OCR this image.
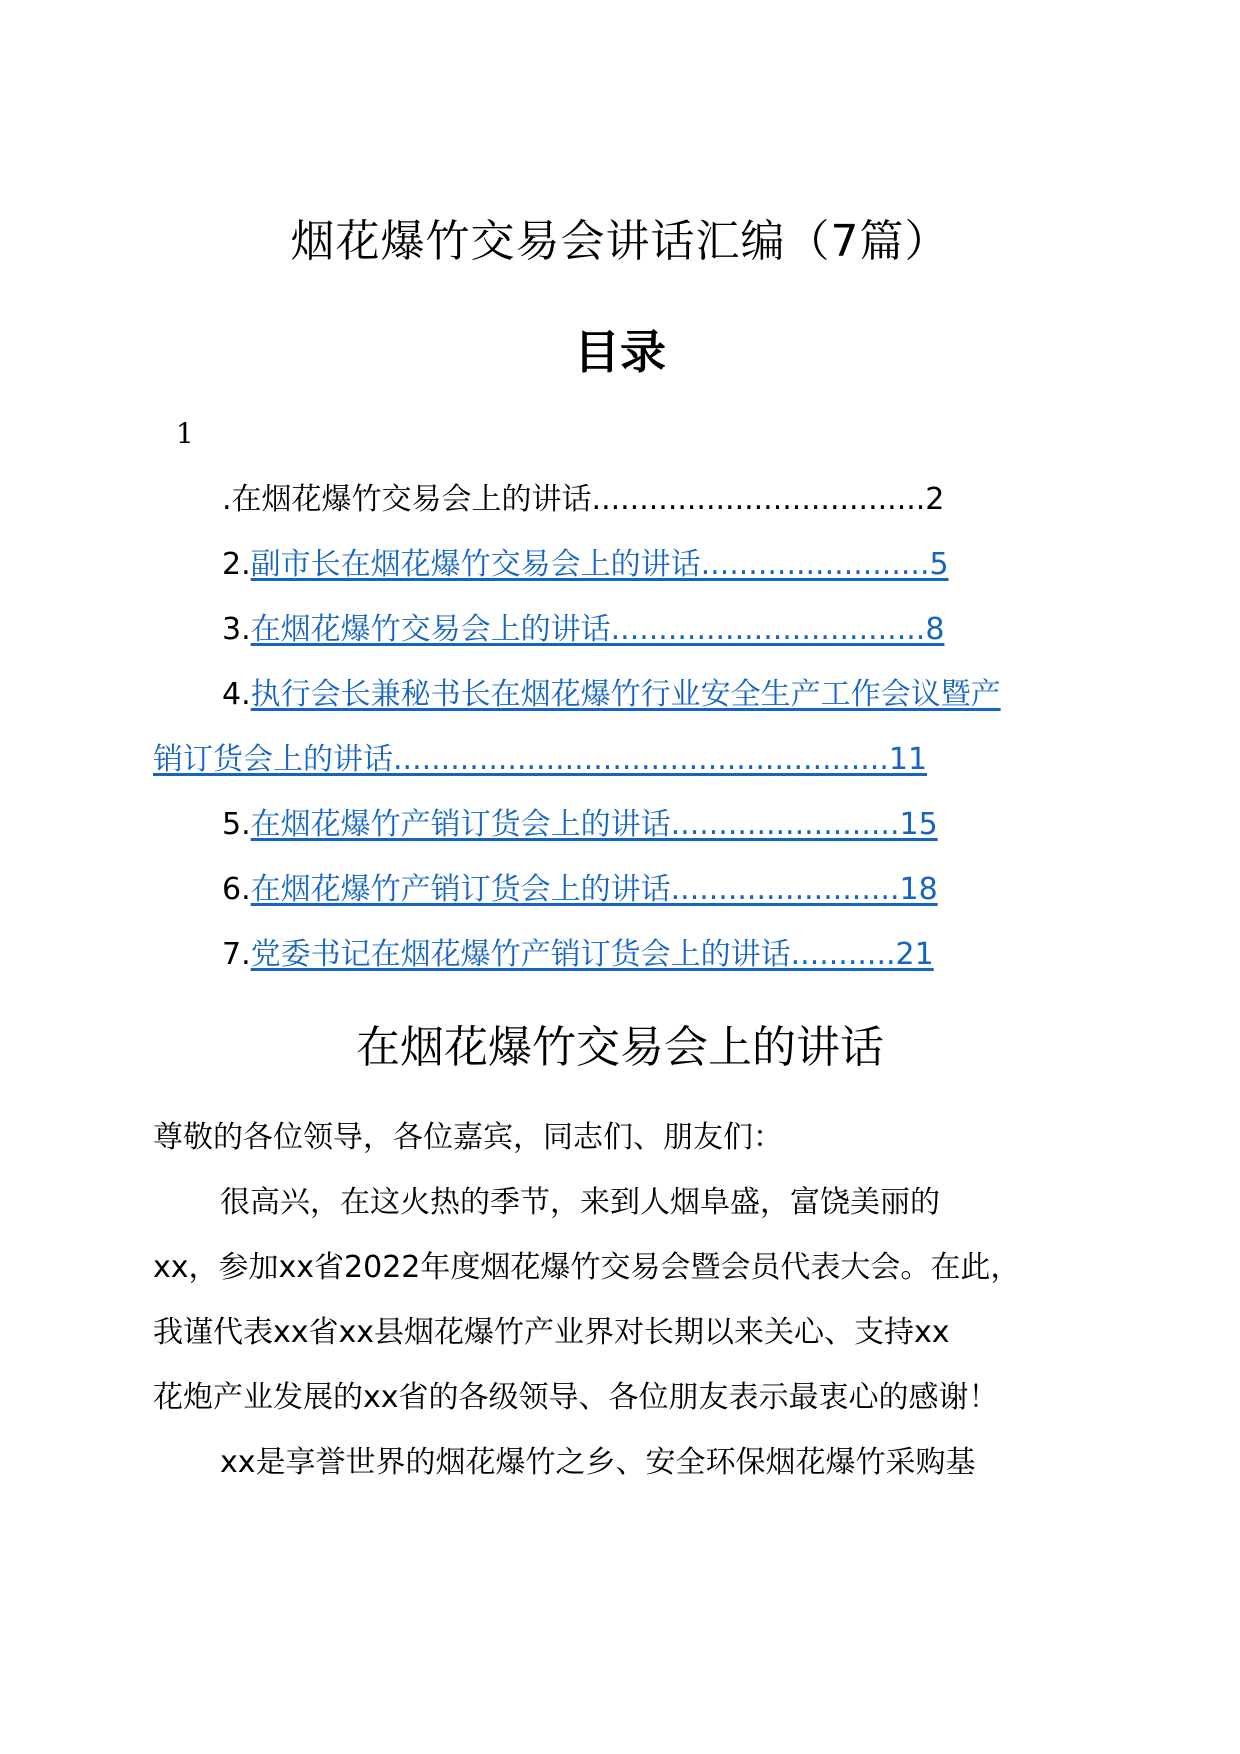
烟花爆竹交易会讲话汇编（7篇）
目录
1
.在烟花爆竹交易会上的讲话...................................2
2.副市长在烟花爆竹交易会上的讲话........................5
3.在烟花爆竹交易会上的讲话.................................8
4.执行会长兼秘书长在烟花爆竹行业安全生产工作会议暨产
销订货会上的讲话....................................................11
5.在烟花爆竹产销订货会上的讲话........................15
6.在烟花爆竹产销订货会上的讲话........................18
7.党委书记在烟花爆竹产销订货会上的讲话...........21
在烟花爆竹交易会上的讲话
尊敬的各位领导，各位嘉宾，同志们、朋友们：
很高兴，在这火热的季节，来到人烟阜盛，富饶美丽的
xx，参加xx省2022年度烟花爆竹交易会暨会员代表大会。在此，
我谨代表xx省xx县烟花爆竹产业界对长期以来关心、支持xx
花炮产业发展的xx省的各级领导、各位朋友表示最衷心的感谢！
xx是享誉世界的烟花爆竹之乡、安全环保烟花爆竹采购基
